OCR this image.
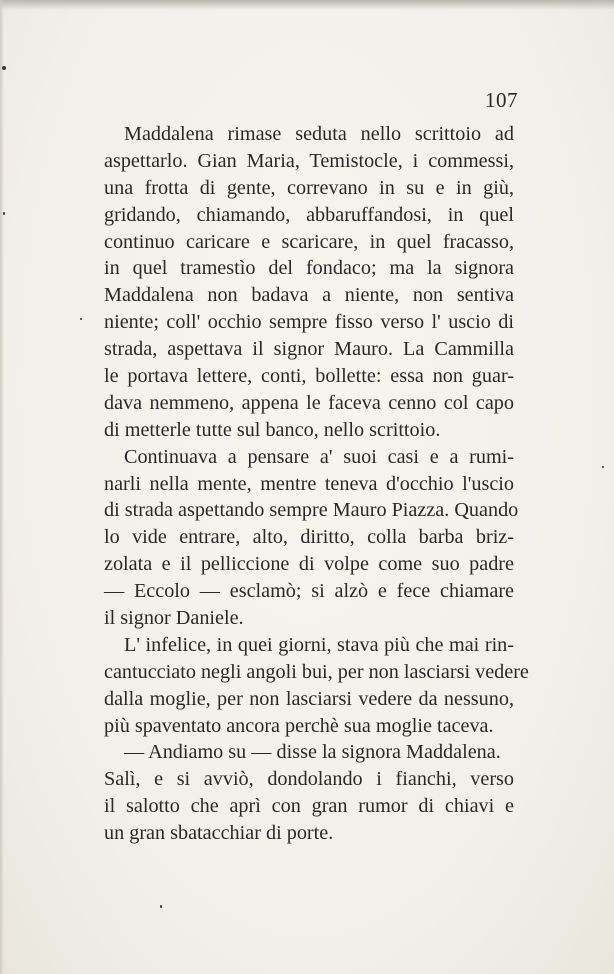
107
Maddalena rimase seduta nello scrittoio ad
aspettarlo. Gian Maria, Temistocle, i commessi,
una frotta di gente, correvano in su e in giù,
gridando, chiamando, abbaruffandosi, in quel
continuo caricare e scaricare, in quel fracasso,
in quel tramestìo del fondaco; ma la signora
Maddalena non badava a niente, non sentiva
niente; coll' occhio sempre fisso verso l' uscio di
strada, aspettava il signor Mauro. La Cammilla
le portava lettere, conti, bollette: essa non guar-
dava nemmeno, appena le faceva cenno col capo
di metterle tutte sul banco, nello scrittoio.
Continuava a pensare a' suoi casi e a rumi-
narli nella mente, mentre teneva d'occhio l'uscio
di strada aspettando sempre Mauro Piazza. Quando
lo vide entrare, alto, diritto, colla barba briz-
zolata e il pelliccione di volpe come suo padre
— Eccolo — esclamò; si alzò e fece chiamare
il signor Daniele.
L' infelice, in quei giorni, stava più che mai rin-
cantucciato negli angoli bui, per non lasciarsi vedere
dalla moglie, per non lasciarsi vedere da nessuno,
più spaventato ancora perchè sua moglie taceva.
— Andiamo su — disse la signora Maddalena.
Salì, e si avviò, dondolando i fianchi, verso
il salotto che aprì con gran rumor di chiavi e
un gran sbatacchiar di porte.
